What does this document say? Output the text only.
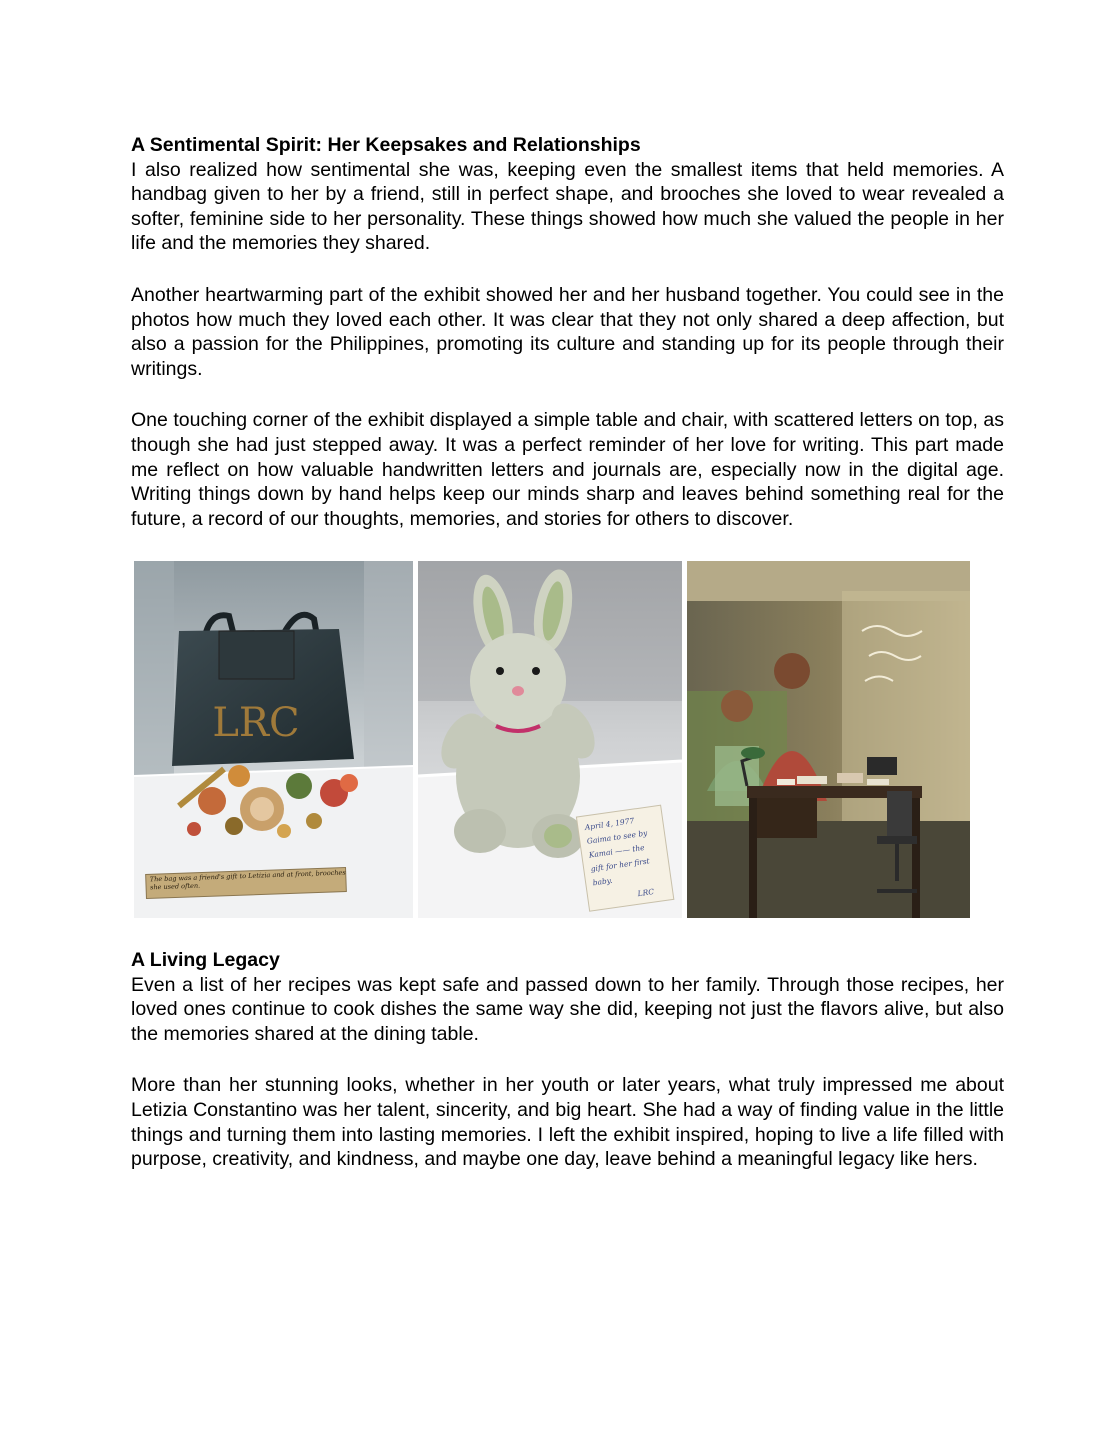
A Sentimental Spirit: Her Keepsakes and Relationships

I also realized how sentimental she was, keeping even the smallest items that held memories. A handbag given to her by a friend, still in perfect shape, and brooches she loved to wear revealed a softer, feminine side to her personality. These things showed how much she valued the people in her life and the memories they shared.

Another heartwarming part of the exhibit showed her and her husband together. You could see in the photos how much they loved each other. It was clear that they not only shared a deep affection, but also a passion for the Philippines, promoting its culture and standing up for its people through their writings.

One touching corner of the exhibit displayed a simple table and chair, with scattered letters on top, as though she had just stepped away. It was a perfect reminder of her love for writing. This part made me reflect on how valuable handwritten letters and journals are, especially now in the digital age. Writing things down by hand helps keep our minds sharp and leaves behind something real for the future, a record of our thoughts, memories, and stories for others to discover.

LRC
The bag was a friend's gift to Letizia and at front, brooches she used often.
April 4, 1977 Gaima to see by Kamai —— the gift for her first baby. LRC
A Living Legacy

Even a list of her recipes was kept safe and passed down to her family. Through those recipes, her loved ones continue to cook dishes the same way she did, keeping not just the flavors alive, but also the memories shared at the dining table.

More than her stunning looks, whether in her youth or later years, what truly impressed me about Letizia Constantino was her talent, sincerity, and big heart. She had a way of finding value in the little things and turning them into lasting memories. I left the exhibit inspired, hoping to live a life filled with purpose, creativity, and kindness, and maybe one day, leave behind a meaningful legacy like hers.
